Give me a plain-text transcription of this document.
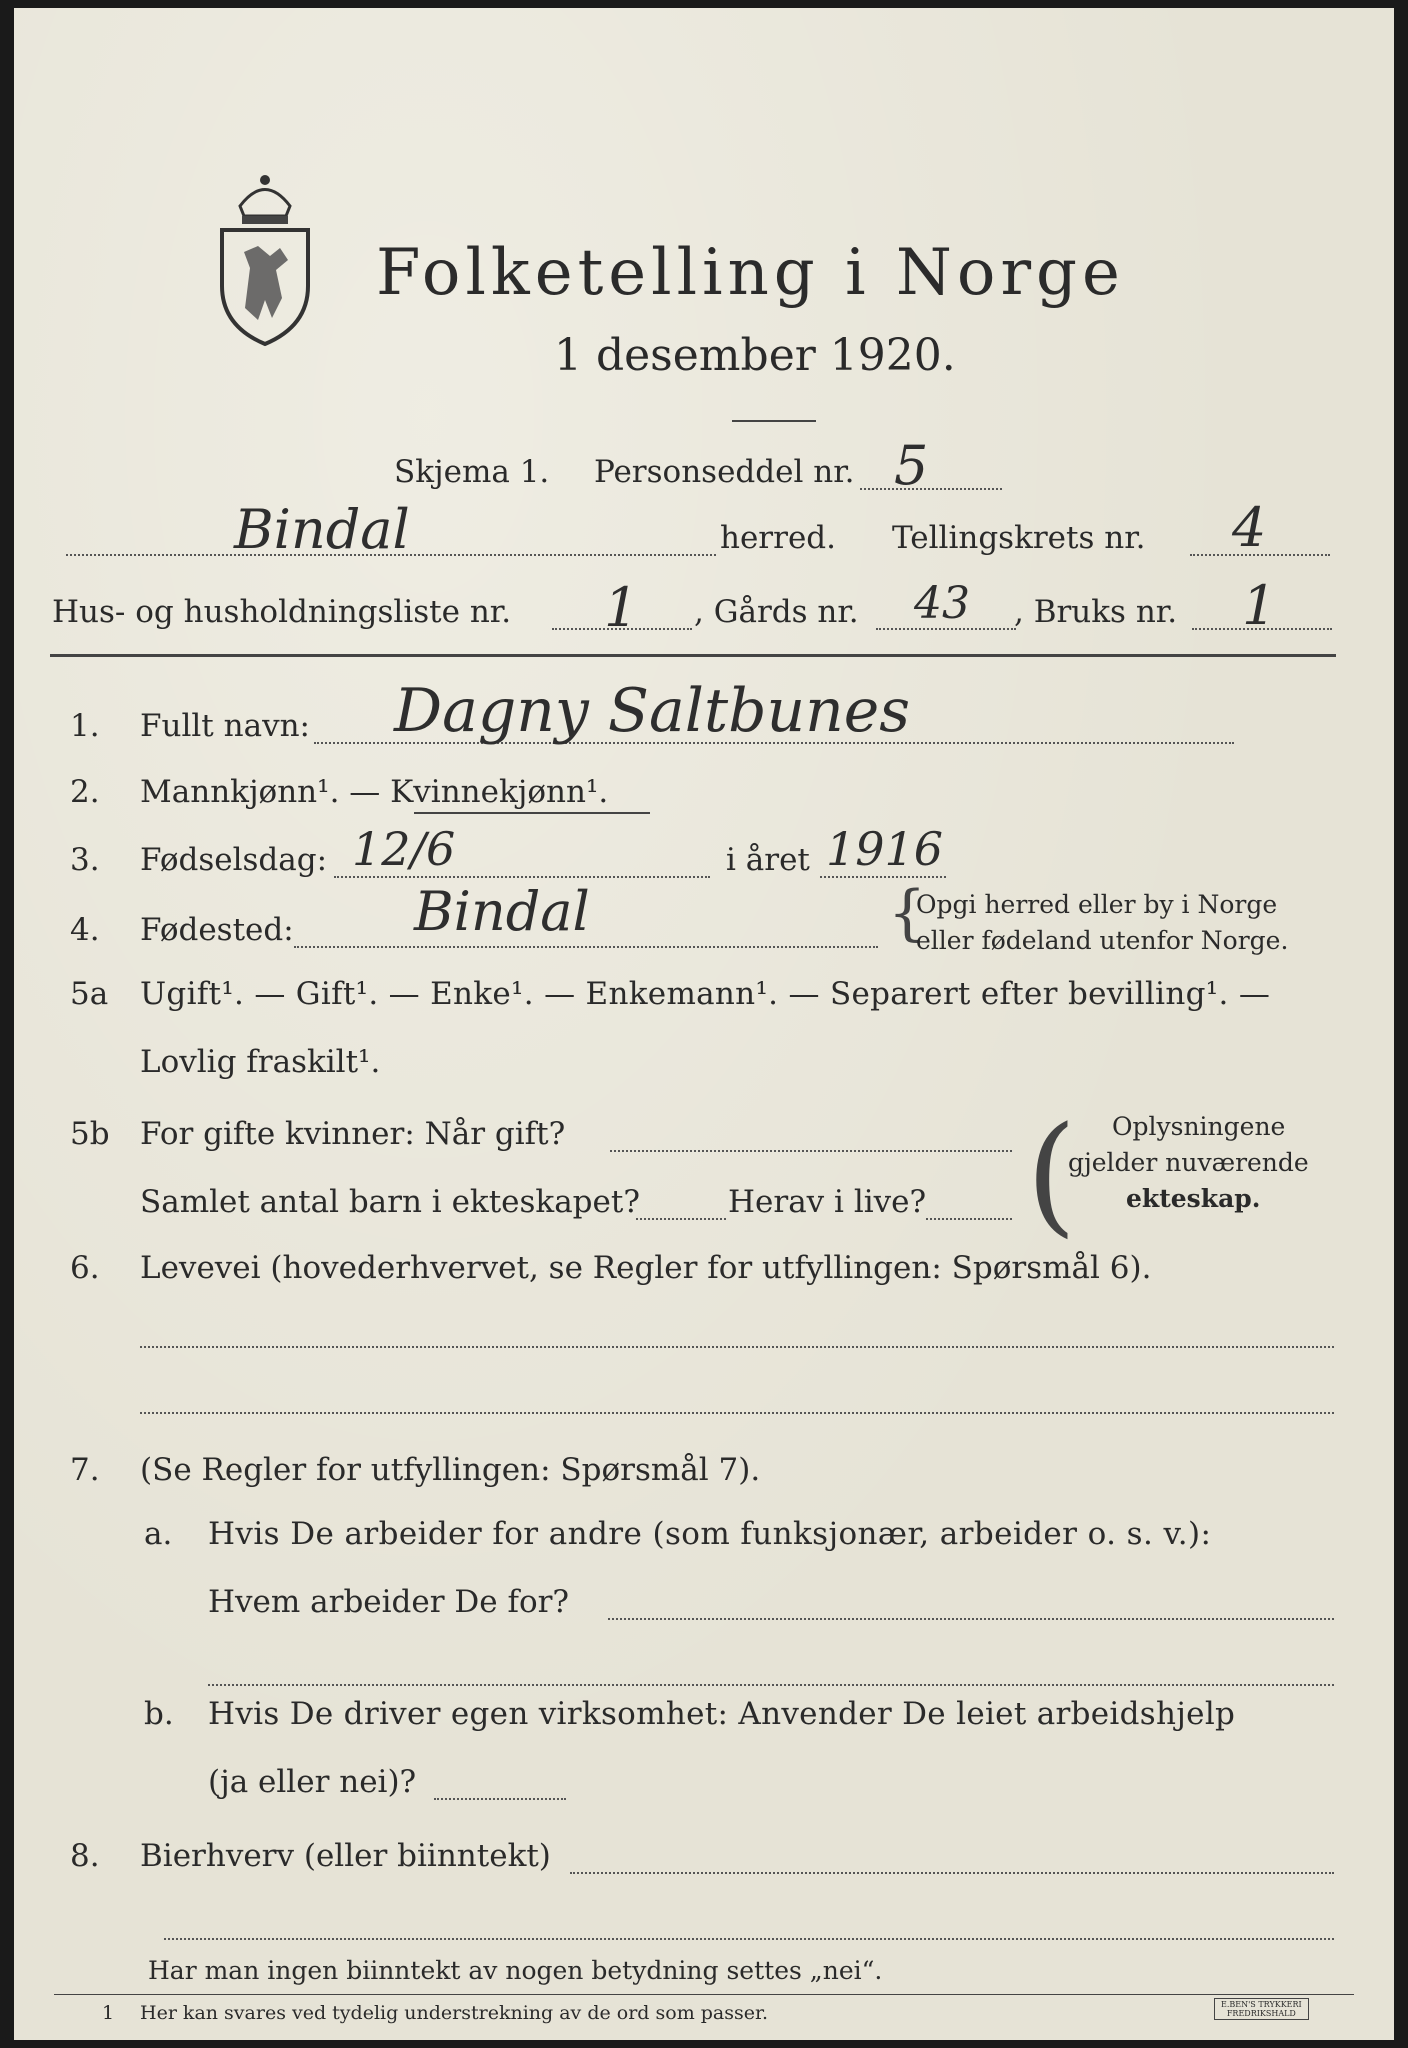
Folketelling i Norge
1 desember 1920.
Skjema 1. Personseddel nr. 5
Bindal	herred. Tellingskrets nr. 4
Hus- og husholdningsliste nr. 1 , Gårds nr. 43 , Bruks nr. 1
1. Fullt navn: Dagny Saltbunes
2. Mannkjønn¹. — Kvinnekjønn¹.
3. Fødselsdag: 12/6	i året 1916
4. Fødested: Bindal	{
Opgi herred eller by i Norge
eller fødeland utenfor Norge.
5a Ugift¹. — Gift¹. — Enke¹. — Enkemann¹. — Separert efter bevilling¹. —
Lovlig fraskilt¹.
5b For gifte kvinner: Når gift?
Samlet antal barn i ekteskapet?	Herav i live? ( Oplysningene
gjelder nuværende
ekteskap.
6. Levevei (hovederhvervet, se Regler for utfyllingen: Spørsmål 6).
7. (Se Regler for utfyllingen: Spørsmål 7).
a. Hvis De arbeider for andre (som funksjonær, arbeider o. s. v.):
Hvem arbeider De for?
b. Hvis De driver egen virksomhet: Anvender De leiet arbeidshjelp
(ja eller nei)?
8. Bierhverv (eller biinntekt)
Har man ingen biinntekt av nogen betydning settes „nei“.
1 Her kan svares ved tydelig understrekning av de ord som passer.	E.BEN'S TRYKKERI
FREDRIKSHALD
